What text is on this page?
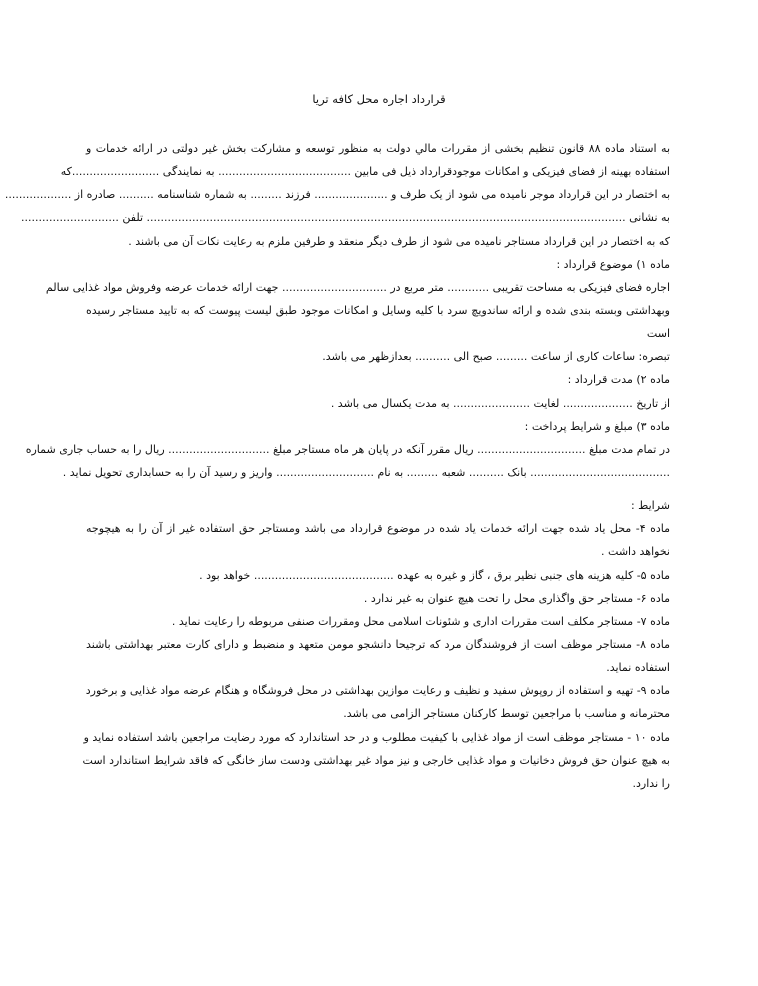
قرارداد اجاره محل کافه تریا
به استناد ماده ۸۸ قانون تنظیم بخشی از مقررات مالي دولت به منظور توسعه و مشارکت بخش غیر دولتی در ارائه خدمات و
استفاده بهینه از فضای فیزیکی و امکانات موجودقرارداد ذیل فی مابین ...................................... به نمایندگی .........................که
به اختصار در این قرارداد موجر نامیده می شود از یک طرف و ..................... فرزند ......... به شماره شناسنامه .......... صادره از ...................
به نشانی ......................................................................................................................................... تلفن ............................
که به اختصار در این قرارداد مستاجر نامیده می شود از طرف دیگر منعقد و طرفین ملزم به رعایت نکات آن می باشند .
ماده ۱) موضوع قرارداد :
اجاره فضای فیزیکی به مساحت تقریبی ............ متر مربع در .............................. جهت ارائه خدمات عرضه وفروش مواد غذایی سالم
وبهداشتی وبسته بندی شده و ارائه ساندویچ سرد با کلیه وسایل و امکانات موجود طبق لیست پیوست که به تایید مستاجر رسیده
است
تبصره: ساعات کاری از ساعت ......... صبح الی .......... بعدازظهر می باشد.
ماده ۲) مدت قرارداد :
از تاریخ .................... لغایت ...................... به مدت یکسال می باشد .
ماده ۳) مبلغ و شرایط پرداخت :
در تمام مدت مبلغ ............................... ریال مقرر آنکه در پایان هر ماه مستاجر مبلغ ............................. ریال را به حساب جاری شماره
........................................ بانک .......... شعبه ......... به نام ............................ واریز و رسید آن را به حسابداری تحویل نماید .
شرایط :
ماده ۴- محل یاد شده جهت ارائه خدمات یاد شده در موضوع قرارداد می باشد ومستاجر حق استفاده غیر از آن را به هیچوجه
نخواهد داشت .
ماده ۵- کلیه هزینه های جنبی نظیر برق ، گاز و غیره به عهده ........................................ خواهد بود .
ماده ۶- مستاجر حق واگذاری محل را تحت هیچ عنوان به غیر ندارد .
ماده ۷- مستاجر مکلف است مقررات اداری و شئونات اسلامی محل ومقررات صنفی مربوطه را رعایت نماید .
ماده ۸- مستاجر موظف است از فروشندگان مرد که ترجیحا دانشجو مومن متعهد و منضبط و دارای کارت معتبر بهداشتی باشند
استفاده نماید.
ماده ۹- تهیه و استفاده از روپوش سفید و نظیف و رعایت موازین بهداشتی در محل فروشگاه و هنگام عرضه مواد غذایی و برخورد
محترمانه و مناسب با مراجعین توسط کارکنان مستاجر الزامی می باشد.
ماده ۱۰ - مستاجر موظف است از مواد غذایی با کیفیت مطلوب و در حد استاندارد که مورد رضایت مراجعین باشد استفاده نماید و
به هیچ عنوان حق فروش دخانیات و مواد غذایی خارجی و نیز مواد غیر بهداشتی ودست ساز خانگی که فاقد شرایط استاندارد است
را ندارد.
